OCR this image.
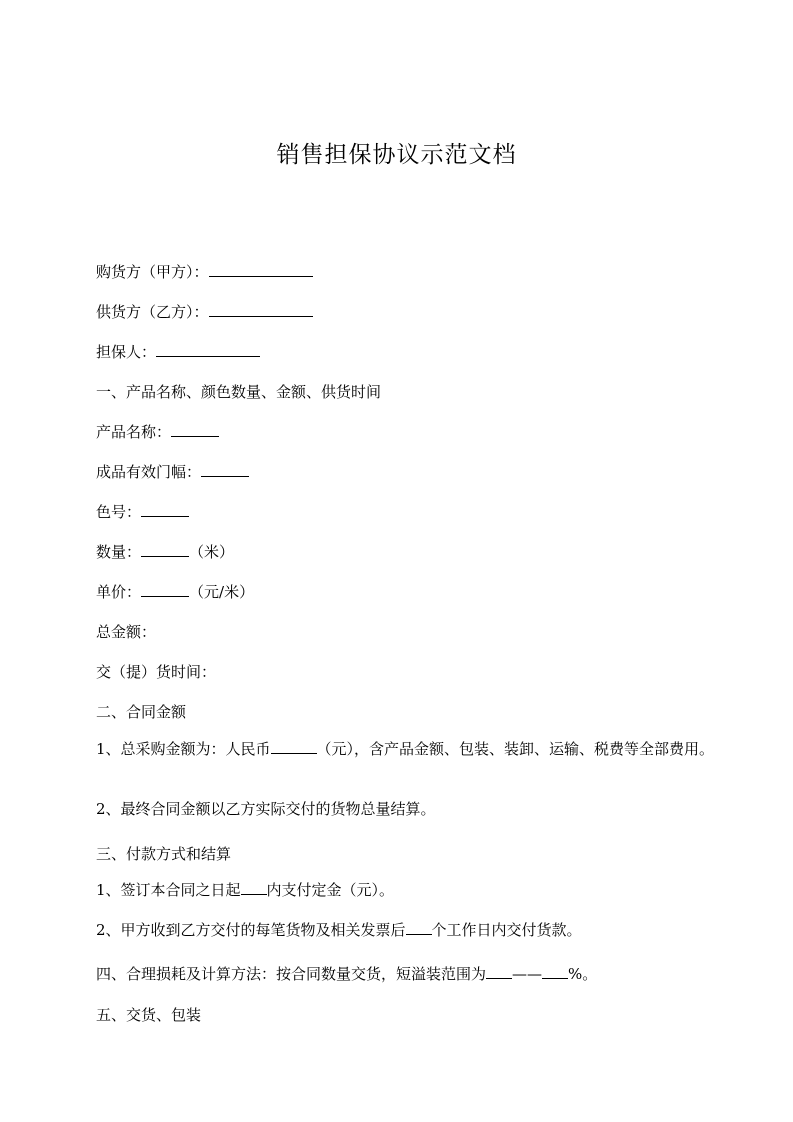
销售担保协议示范文档
购货方（甲方）：
供货方（乙方）：
担保人：
一、产品名称、颜色数量、金额、供货时间
产品名称：
成品有效门幅：
色号：
数量：	（米）
单价：	（元/米）
总金额：
交（提）货时间：
二、合同金额
1、总采购金额为：人民币	（元），含产品金额、包装、装卸、运输、税费等全部费用。
2、最终合同金额以乙方实际交付的货物总量结算。
三、付款方式和结算
1、签订本合同之日起 内支付定金（元）。
2、甲方收到乙方交付的每笔货物及相关发票后 个工作日内交付货款。
四、合理损耗及计算方法：按合同数量交货，短溢装范围为 —— %。
五、交货、包装
